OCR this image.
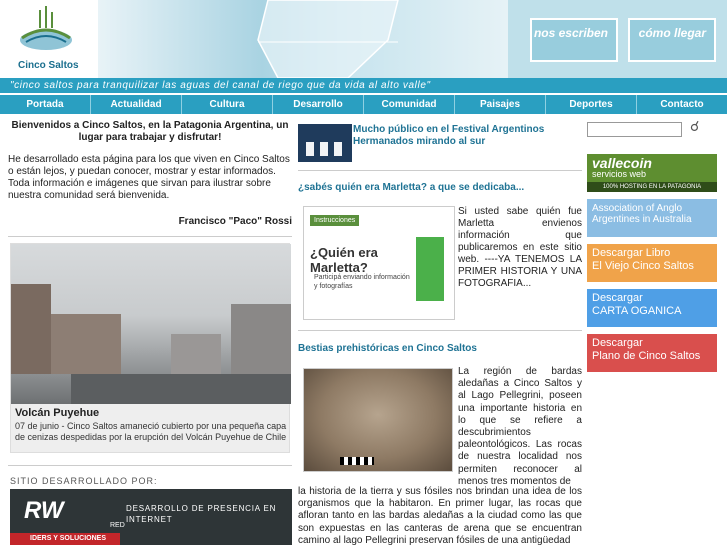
Cinco Saltos
nos escriben	cómo llegar
"cinco saltos para tranquilizar las aguas del canal de riego que da vida al alto valle"
Portada	Actualidad	Cultura	Desarrollo	Comunidad	Paisajes	Deportes	Contacto

Bienvenidos a Cinco Saltos, en la Patagonia Argentina, un lugar para trabajar y disfrutar!

He desarrollado esta página para los que viven en Cinco Saltos o están lejos, y puedan conocer, mostrar y estar informados. Toda información e imágenes que sirvan para ilustrar sobre nuestra comunidad será bienvenida.

Francisco "Paco" Rossi

Volcán Puyehue
07 de junio - Cinco Saltos amaneció cubierto por una pequeña capa de cenizas despedidas por la erupción del Volcán Puyehue de Chile
SITIO DESARROLLADO POR:
RW
RED
DESARROLLO DE PRESENCIA EN INTERNET
IDERS Y SOLUCIONES
Mucho público en el Festival Argentinos Hermanados mirando al sur
¿sabés quién era Marletta? a que se dedicaba...
Instrucciones
¿Quién era Marletta?
Participá enviando información y fotografías
Si usted sabe quién fue Marletta envienos información que publicaremos en este sitio web. ----YA TENEMOS LA PRIMER HISTORIA Y UNA FOTOGRAFIA...
Bestias prehistóricas en Cinco Saltos
La región de bardas aledañas a Cinco Saltos y al Lago Pellegrini, poseen una importante historia en lo que se refiere a descubrimientos paleontológicos. Las rocas de nuestra localidad nos permiten reconocer al menos tres momentos de
la historia de la tierra y sus fósiles nos brindan una idea de los organismos que la habitaron. En primer lugar, las rocas que afloran tanto en las bardas aledañas a la ciudad como las que son expuestas en las canteras de arena que se encuentran camino al lago Pellegrini preservan fósiles de una antigüedad
☌
vallecoin
servicios web
100% HOSTING EN LA PATAGONIA
Association of Anglo Argentines in Australia
Descargar Libro
El Viejo Cinco Saltos
Descargar
CARTA OGANICA
Descargar
Plano de Cinco Saltos
